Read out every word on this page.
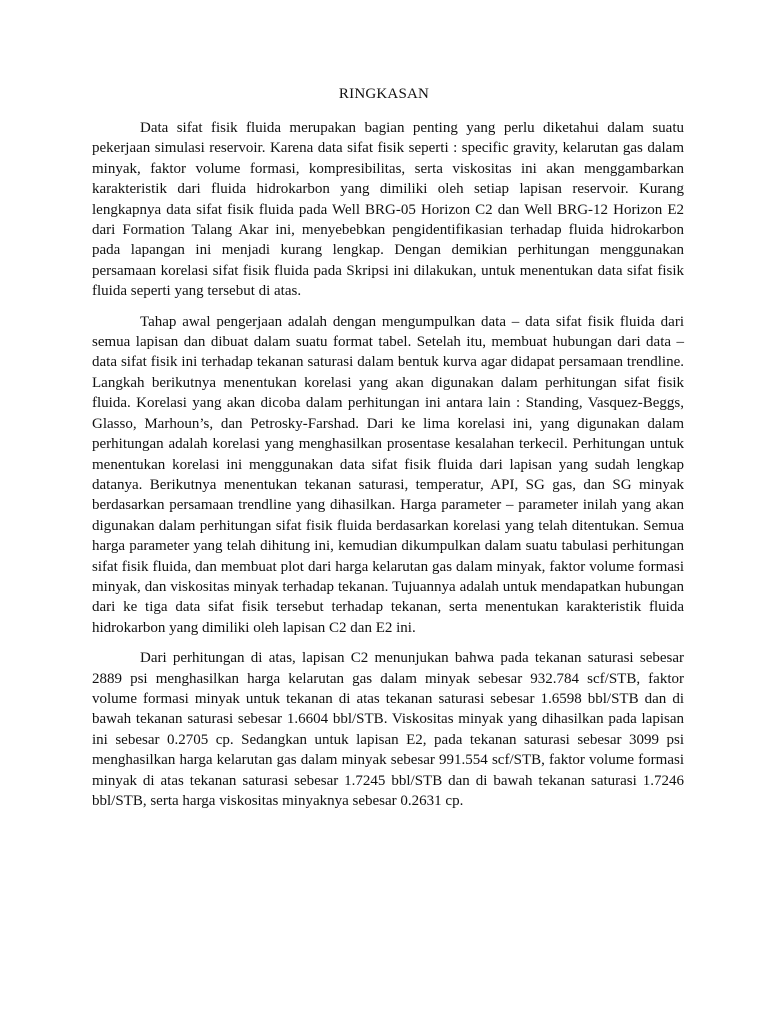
RINGKASAN

Data sifat fisik fluida merupakan bagian penting yang perlu diketahui dalam suatu pekerjaan simulasi reservoir. Karena data sifat fisik seperti : specific gravity, kelarutan gas dalam minyak, faktor volume formasi, kompresibilitas, serta viskositas ini akan menggambarkan karakteristik dari fluida hidrokarbon yang dimiliki oleh setiap lapisan reservoir. Kurang lengkapnya data sifat fisik fluida pada Well BRG-05 Horizon C2 dan Well BRG-12 Horizon E2 dari Formation Talang Akar ini, menyebebkan pengidentifikasian terhadap fluida hidrokarbon pada lapangan ini menjadi kurang lengkap. Dengan demikian perhitungan menggunakan persamaan korelasi sifat fisik fluida pada Skripsi ini dilakukan, untuk menentukan data sifat fisik fluida seperti yang tersebut di atas.

Tahap awal pengerjaan adalah dengan mengumpulkan data – data sifat fisik fluida dari semua lapisan dan dibuat dalam suatu format tabel. Setelah itu, membuat hubungan dari data – data sifat fisik ini terhadap tekanan saturasi dalam bentuk kurva agar didapat persamaan trendline. Langkah berikutnya menentukan korelasi yang akan digunakan dalam perhitungan sifat fisik fluida. Korelasi yang akan dicoba dalam perhitungan ini antara lain : Standing, Vasquez-Beggs, Glasso, Marhoun’s, dan Petrosky-Farshad. Dari ke lima korelasi ini, yang digunakan dalam perhitungan adalah korelasi yang menghasilkan prosentase kesalahan terkecil. Perhitungan untuk menentukan korelasi ini menggunakan data sifat fisik fluida dari lapisan yang sudah lengkap datanya. Berikutnya menentukan tekanan saturasi, temperatur, API, SG gas, dan SG minyak berdasarkan persamaan trendline yang dihasilkan. Harga parameter – parameter inilah yang akan digunakan dalam perhitungan sifat fisik fluida berdasarkan korelasi yang telah ditentukan. Semua harga parameter yang telah dihitung ini, kemudian dikumpulkan dalam suatu tabulasi perhitungan sifat fisik fluida, dan membuat plot dari harga kelarutan gas dalam minyak, faktor volume formasi minyak, dan viskositas minyak terhadap tekanan. Tujuannya adalah untuk mendapatkan hubungan dari ke tiga data sifat fisik tersebut terhadap tekanan, serta menentukan karakteristik fluida hidrokarbon yang dimiliki oleh lapisan C2 dan E2 ini.

Dari perhitungan di atas, lapisan C2 menunjukan bahwa pada tekanan saturasi sebesar 2889 psi menghasilkan harga kelarutan gas dalam minyak sebesar 932.784 scf/STB, faktor volume formasi minyak untuk tekanan di atas tekanan saturasi sebesar 1.6598 bbl/STB dan di bawah tekanan saturasi sebesar 1.6604 bbl/STB. Viskositas minyak yang dihasilkan pada lapisan ini sebesar 0.2705 cp. Sedangkan untuk lapisan E2, pada tekanan saturasi sebesar 3099 psi menghasilkan harga kelarutan gas dalam minyak sebesar 991.554 scf/STB, faktor volume formasi minyak di atas tekanan saturasi sebesar 1.7245 bbl/STB dan di bawah tekanan saturasi 1.7246 bbl/STB, serta harga viskositas minyaknya sebesar 0.2631 cp.
